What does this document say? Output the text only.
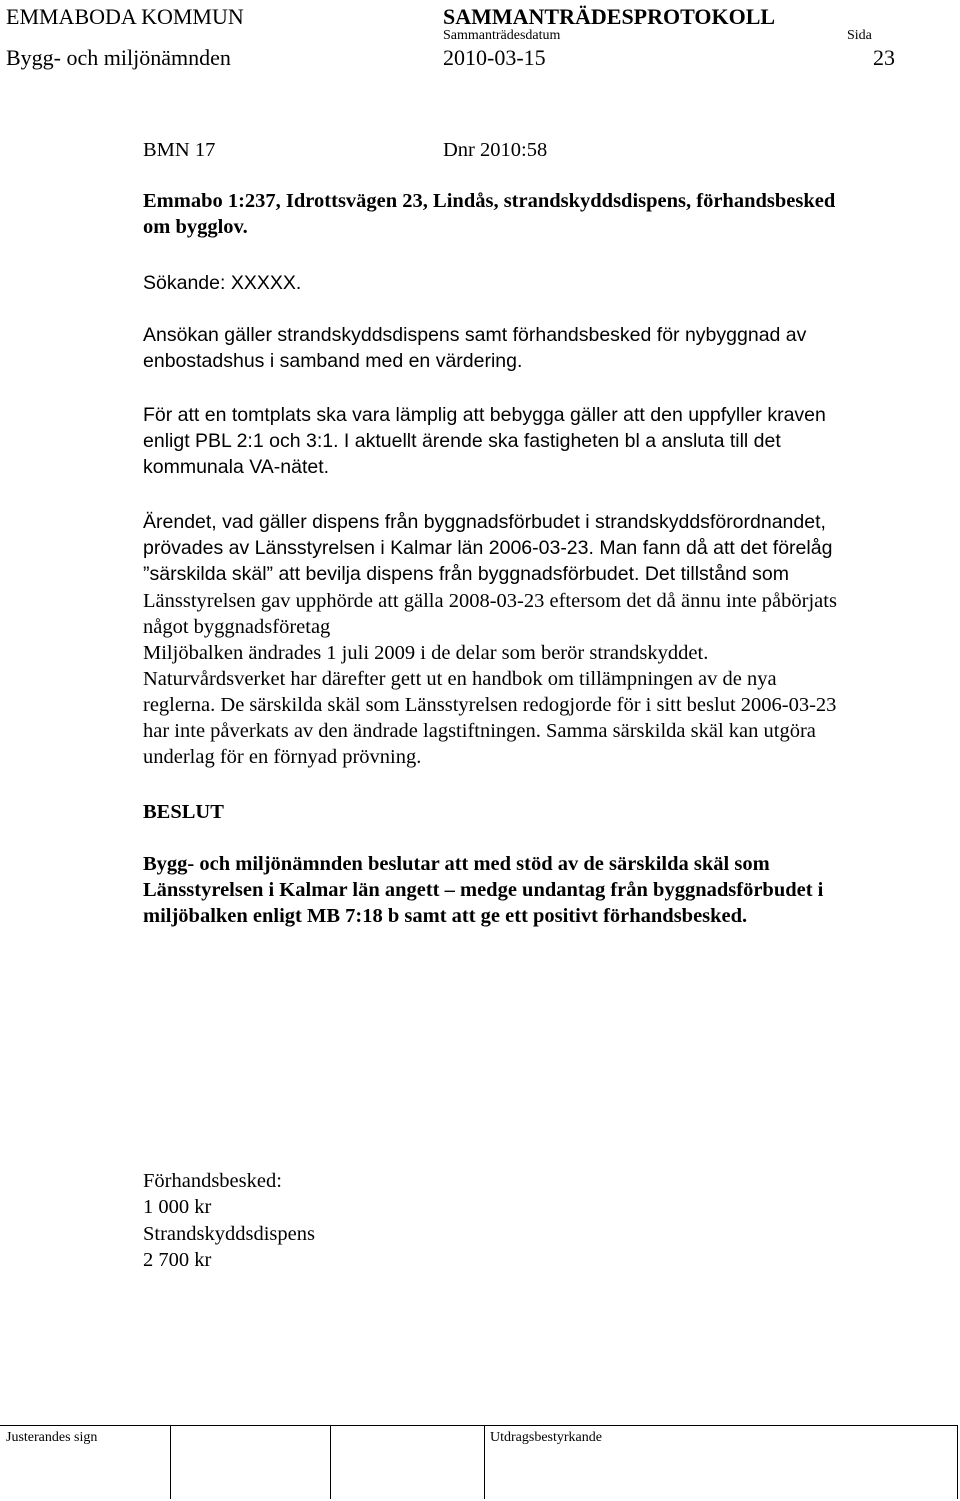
EMMABODA KOMMUN	SAMMANTRÄDESPROTOKOLL
Sammanträdesdatum	Sida
Bygg- och miljönämnden	2010-03-15	23
BMN 17	Dnr 2010:58
Emmabo 1:237, Idrottsvägen 23, Lindås, strandskyddsdispens, förhandsbesked
om bygglov.
Sökande: XXXXX.
Ansökan gäller strandskyddsdispens samt förhandsbesked för nybyggnad av
enbostadshus i samband med en värdering.
För att en tomtplats ska vara lämplig att bebygga gäller att den uppfyller kraven
enligt PBL 2:1 och 3:1. I aktuellt ärende ska fastigheten bl a ansluta till det
kommunala VA-nätet.
Ärendet, vad gäller dispens från byggnadsförbudet i strandskyddsförordnandet,
prövades av Länsstyrelsen i Kalmar län 2006-03-23. Man fann då att det förelåg
”särskilda skäl” att bevilja dispens från byggnadsförbudet. Det tillstånd som
Länsstyrelsen gav upphörde att gälla 2008-03-23 eftersom det då ännu inte påbörjats
något byggnadsföretag
Miljöbalken ändrades 1 juli 2009 i de delar som berör strandskyddet.
Naturvårdsverket har därefter gett ut en handbok om tillämpningen av de nya
reglerna. De särskilda skäl som Länsstyrelsen redogjorde för i sitt beslut 2006-03-23
har inte påverkats av den ändrade lagstiftningen. Samma särskilda skäl kan utgöra
underlag för en förnyad prövning.
BESLUT
Bygg- och miljönämnden beslutar att med stöd av de särskilda skäl som
Länsstyrelsen i Kalmar län angett – medge undantag från byggnadsförbudet i
miljöbalken enligt MB 7:18 b samt att ge ett positivt förhandsbesked.
Förhandsbesked:
1 000 kr
Strandskyddsdispens
2 700 kr
Justerandes sign	Utdragsbestyrkande
